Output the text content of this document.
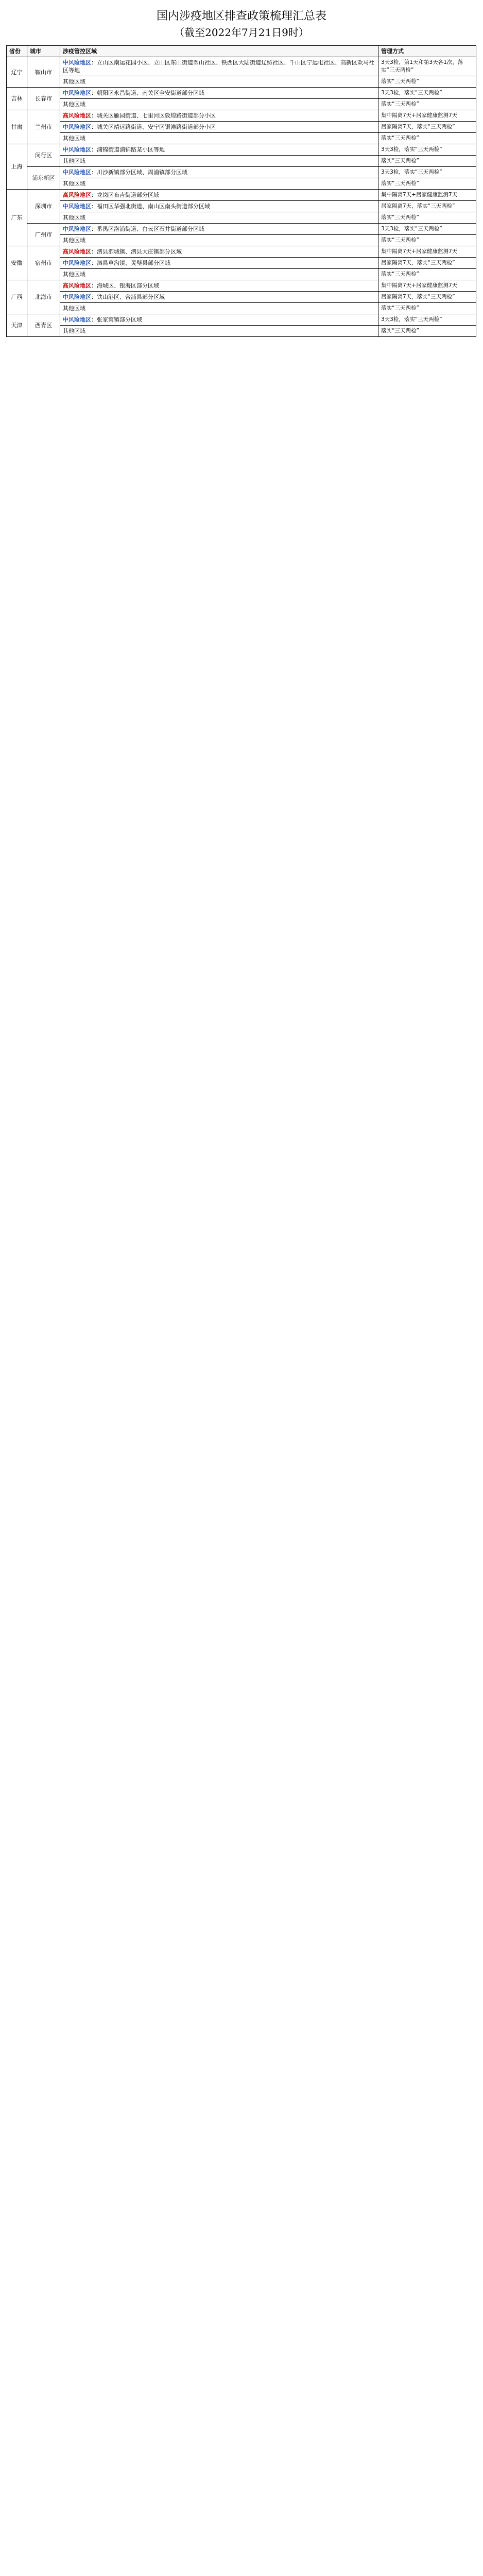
国内涉疫地区排查政策梳理汇总表
（截至2022年7月21日9时）
省份	城市	涉疫管控区域	管理方式
辽宁	鞍山市	中风险地区：立山区南运花园小区、立山区东山街道翠山社区、铁西区大陆街道辽纺社区、千山区宁远屯社区、高新区欢马社区等地	3天3检，第1天和第3天各1次，落实“三天两检”
		其他区域	落实“三天两检”
吉林	长春市	中风险地区：朝阳区永昌街道、南关区全安街道部分区域	3天3检，落实“三天两检”
		其他区域	落实“三天两检”
甘肃	兰州市	高风险地区：城关区雁园街道、七里河区敦煌路街道部分小区	集中隔离7天+居家健康监测7天
		中风险地区：城关区靖远路街道、安宁区银滩路街道部分小区	居家隔离7天，落实“三天两检”
		其他区域	落实“三天两检”
上海	闵行区	中风险地区：浦锦街道浦锦路某小区等地	3天3检，落实“三天两检”
		其他区域	落实“三天两检”
	浦东新区	中风险地区：川沙新镇部分区域、周浦镇部分区域	3天3检，落实“三天两检”
		其他区域	落实“三天两检”
广东	深圳市	高风险地区：龙岗区布吉街道部分区域	集中隔离7天+居家健康监测7天
		中风险地区：福田区华强北街道、南山区南头街道部分区域	居家隔离7天，落实“三天两检”
		其他区域	落实“三天两检”
	广州市	中风险地区：番禺区洛浦街道、白云区石井街道部分区域	3天3检，落实“三天两检”
		其他区域	落实“三天两检”
安徽	宿州市	高风险地区：泗县泗城镇、泗县大庄镇部分区域	集中隔离7天+居家健康监测7天
		中风险地区：泗县草沟镇、灵璧县部分区域	居家隔离7天，落实“三天两检”
		其他区域	落实“三天两检”
广西	北海市	高风险地区：海城区、银海区部分区域	集中隔离7天+居家健康监测7天
		中风险地区：铁山港区、合浦县部分区域	居家隔离7天，落实“三天两检”
		其他区域	落实“三天两检”
天津	西青区	中风险地区：张家窝镇部分区域	3天3检，落实“三天两检”
		其他区域	落实“三天两检”
